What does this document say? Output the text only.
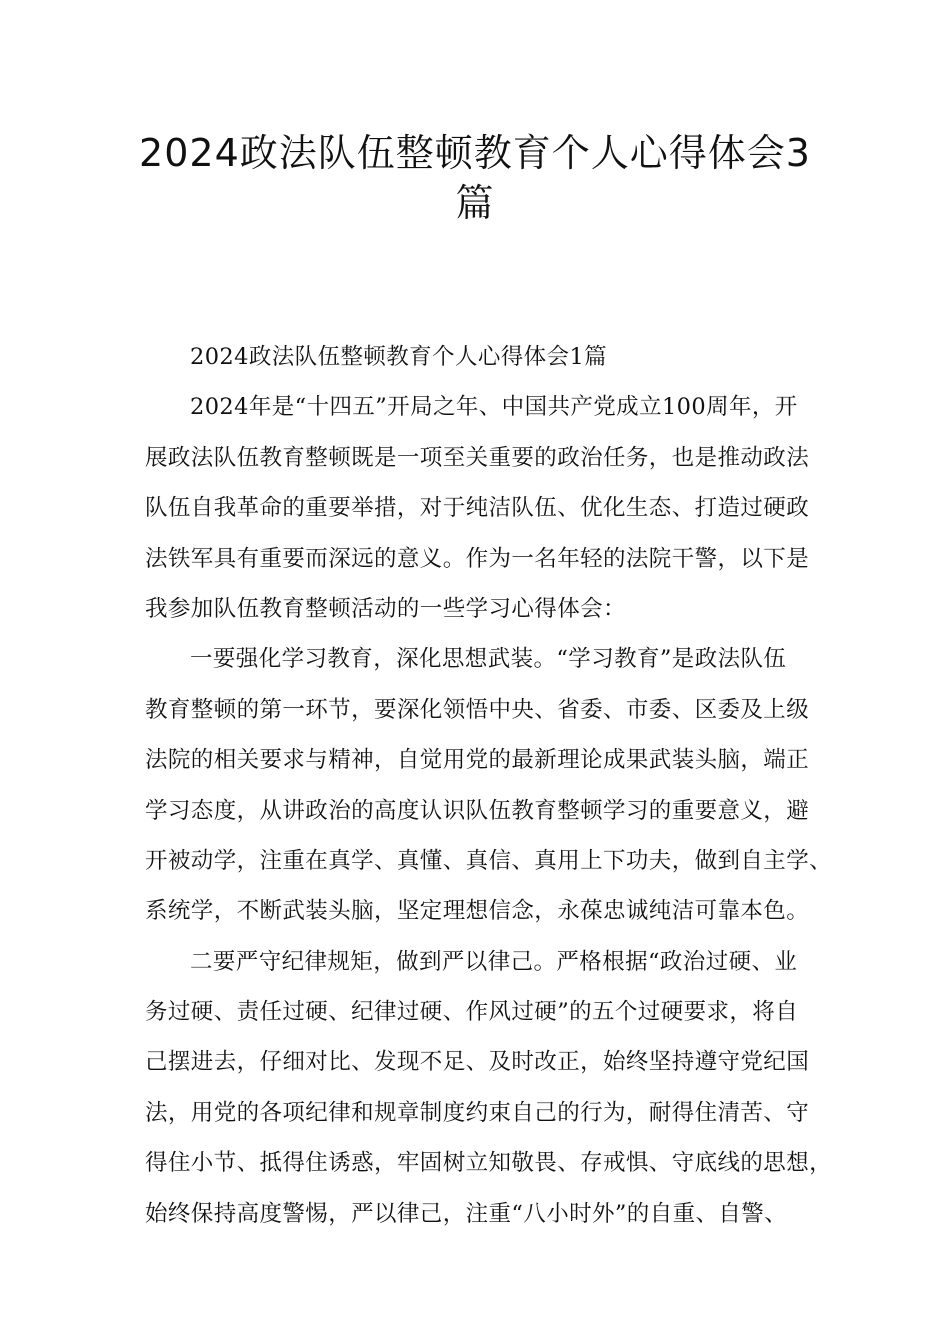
2024政法队伍整顿教育个人心得体会3
篇
2024政法队伍整顿教育个人心得体会1篇
2024年是“十四五”开局之年、中国共产党成立100周年，开
展政法队伍教育整顿既是一项至关重要的政治任务，也是推动政法
队伍自我革命的重要举措，对于纯洁队伍、优化生态、打造过硬政
法铁军具有重要而深远的意义。作为一名年轻的法院干警，以下是
我参加队伍教育整顿活动的一些学习心得体会：
一要强化学习教育，深化思想武装。“学习教育”是政法队伍
教育整顿的第一环节，要深化领悟中央、省委、市委、区委及上级
法院的相关要求与精神，自觉用党的最新理论成果武装头脑，端正
学习态度，从讲政治的高度认识队伍教育整顿学习的重要意义，避
开被动学，注重在真学、真懂、真信、真用上下功夫，做到自主学、
系统学，不断武装头脑，坚定理想信念，永葆忠诚纯洁可靠本色。
二要严守纪律规矩，做到严以律己。严格根据“政治过硬、业
务过硬、责任过硬、纪律过硬、作风过硬”的五个过硬要求，将自
己摆进去，仔细对比、发现不足、及时改正，始终坚持遵守党纪国
法，用党的各项纪律和规章制度约束自己的行为，耐得住清苦、守
得住小节、抵得住诱惑，牢固树立知敬畏、存戒惧、守底线的思想，
始终保持高度警惕，严以律己，注重“八小时外”的自重、自警、
